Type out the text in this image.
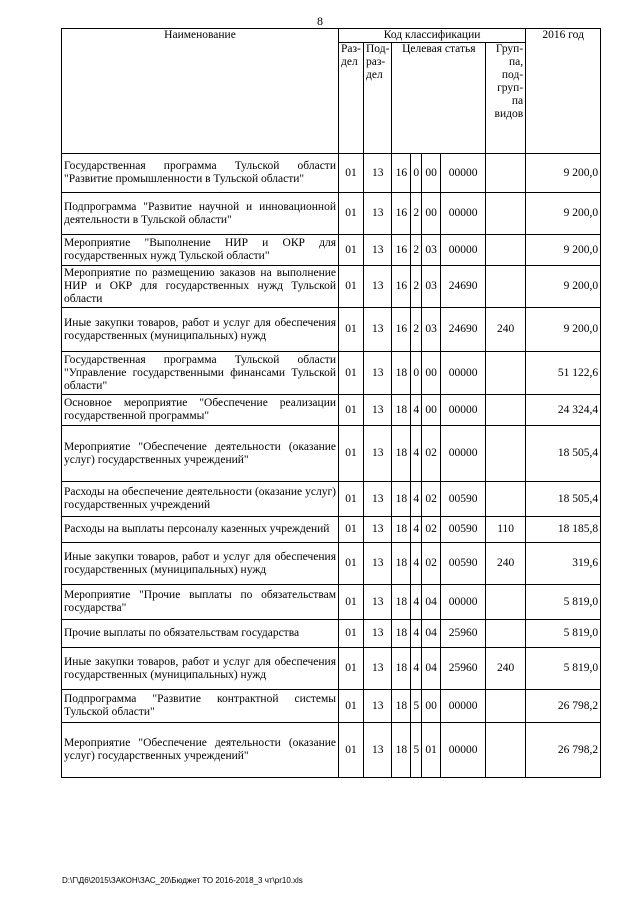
8
Наименование	Код классификации							2016 год
	Раз-дел	Под-раз-дел	Целевая статья				Груп-па, под-груп-па видов	
Государственная программа Тульской области "Развитие промышленности в Тульской области"	01	13	16	0	00	00000		9 200,0
Подпрограмма "Развитие научной и инновационной деятельности в Тульской области"	01	13	16	2	00	00000		9 200,0
Мероприятие "Выполнение НИР и ОКР для государственных нужд Тульской области"	01	13	16	2	03	00000		9 200,0
Мероприятие по размещению заказов на выполнение НИР и ОКР для государственных нужд Тульской области	01	13	16	2	03	24690		9 200,0
Иные закупки товаров, работ и услуг для обеспечения государственных (муниципальных) нужд	01	13	16	2	03	24690	240	9 200,0
Государственная программа Тульской области "Управление государственными финансами Тульской области"	01	13	18	0	00	00000		51 122,6
Основное мероприятие "Обеспечение реализации государственной программы"	01	13	18	4	00	00000		24 324,4
Мероприятие "Обеспечение деятельности (оказание услуг) государственных учреждений"	01	13	18	4	02	00000		18 505,4
Расходы на обеспечение деятельности (оказание услуг) государственных учреждений	01	13	18	4	02	00590		18 505,4
Расходы на выплаты персоналу казенных учреждений	01	13	18	4	02	00590	110	18 185,8
Иные закупки товаров, работ и услуг для обеспечения государственных (муниципальных) нужд	01	13	18	4	02	00590	240	319,6
Мероприятие "Прочие выплаты по обязательствам государства"	01	13	18	4	04	00000		5 819,0
Прочие выплаты по обязательствам государства	01	13	18	4	04	25960		5 819,0
Иные закупки товаров, работ и услуг для обеспечения государственных (муниципальных) нужд	01	13	18	4	04	25960	240	5 819,0
Подпрограмма "Развитие контрактной системы Тульской области"	01	13	18	5	00	00000		26 798,2
Мероприятие "Обеспечение деятельности (оказание услуг) государственных учреждений"	01	13	18	5	01	00000		26 798,2
D:\Г\Д6\2015\ЗАКОН\ЗАС_20\Бюджет ТО 2016-2018_3 чт\pr10.xls
